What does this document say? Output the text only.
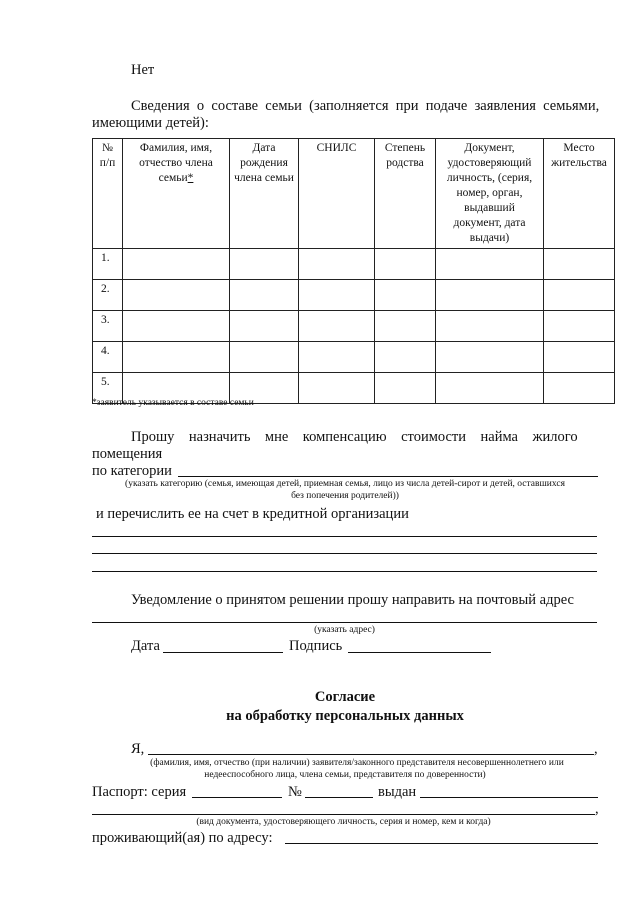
Нет
Сведения  о  составе  семьи  (заполняется  при  подаче  заявления  семьями,
имеющими детей):
№ п/п	Фамилия, имя, отчество члена семьи*	Дата рождения члена семьи	СНИЛС	Степень родства	Документ, удостоверяющий личность, (серия, номер, орган, выдавший документ, дата выдачи)	Место жительства
1.						
2.						
3.						
4.						
5.						
*заявитель указывается в составе семьи
Прошу    назначить    мне    компенсацию    стоимости    найма    жилого
помещения
по категории
(указать категорию (семья, имеющая детей, приемная семья, лицо из числа детей-сирот и детей, оставшихся
без попечения родителей))
и перечислить ее на счет в кредитной организации
Уведомление о принятом решении прошу направить на почтовый адрес
(указать адрес)
Дата	Подпись
Согласие
на обработку персональных данных
Я,	,
(фамилия, имя, отчество (при наличии) заявителя/законного представителя несовершеннолетнего или
недееспособного лица, члена семьи, представителя по доверенности)
Паспорт: серия	№	выдан
,
(вид документа, удостоверяющего личность, серия и номер, кем и когда)
проживающий(ая) по адресу:
